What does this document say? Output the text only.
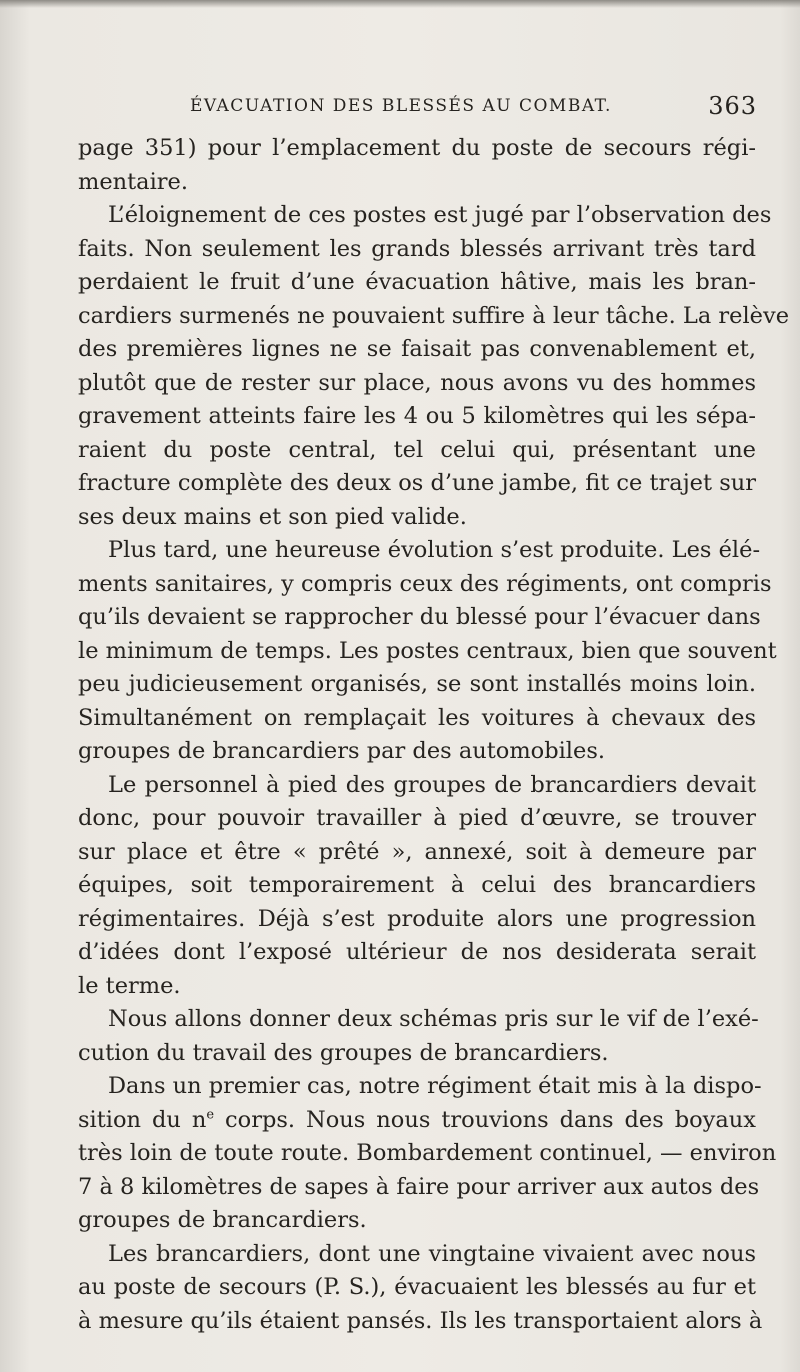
ÉVACUATION DES BLESSÉS AU COMBAT.	363
page 351) pour l’emplacement du poste de secours régi-
mentaire.
L’éloignement de ces postes est jugé par l’observation des
faits. Non seulement les grands blessés arrivant très tard
perdaient le fruit d’une évacuation hâtive, mais les bran-
cardiers surmenés ne pouvaient suffire à leur tâche. La relève
des premières lignes ne se faisait pas convenablement et,
plutôt que de rester sur place, nous avons vu des hommes
gravement atteints faire les 4 ou 5 kilomètres qui les sépa-
raient du poste central, tel celui qui, présentant une
fracture complète des deux os d’une jambe, fit ce trajet sur
ses deux mains et son pied valide.
Plus tard, une heureuse évolution s’est produite. Les élé-
ments sanitaires, y compris ceux des régiments, ont compris
qu’ils devaient se rapprocher du blessé pour l’évacuer dans
le minimum de temps. Les postes centraux, bien que souvent
peu judicieusement organisés, se sont installés moins loin.
Simultanément on remplaçait les voitures à chevaux des
groupes de brancardiers par des automobiles.
Le personnel à pied des groupes de brancardiers devait
donc, pour pouvoir travailler à pied d’œuvre, se trouver
sur place et être « prêté », annexé, soit à demeure par
équipes, soit temporairement à celui des brancardiers
régimentaires. Déjà s’est produite alors une progression
d’idées dont l’exposé ultérieur de nos desiderata serait
le terme.
Nous allons donner deux schémas pris sur le vif de l’exé-
cution du travail des groupes de brancardiers.
Dans un premier cas, notre régiment était mis à la dispo-
sition du $n^e$ corps. Nous nous trouvions dans des boyaux
très loin de toute route. Bombardement continuel, — environ
7 à 8 kilomètres de sapes à faire pour arriver aux autos des
groupes de brancardiers.
Les brancardiers, dont une vingtaine vivaient avec nous
au poste de secours (P. S.), évacuaient les blessés au fur et
à mesure qu’ils étaient pansés. Ils les transportaient alors à
